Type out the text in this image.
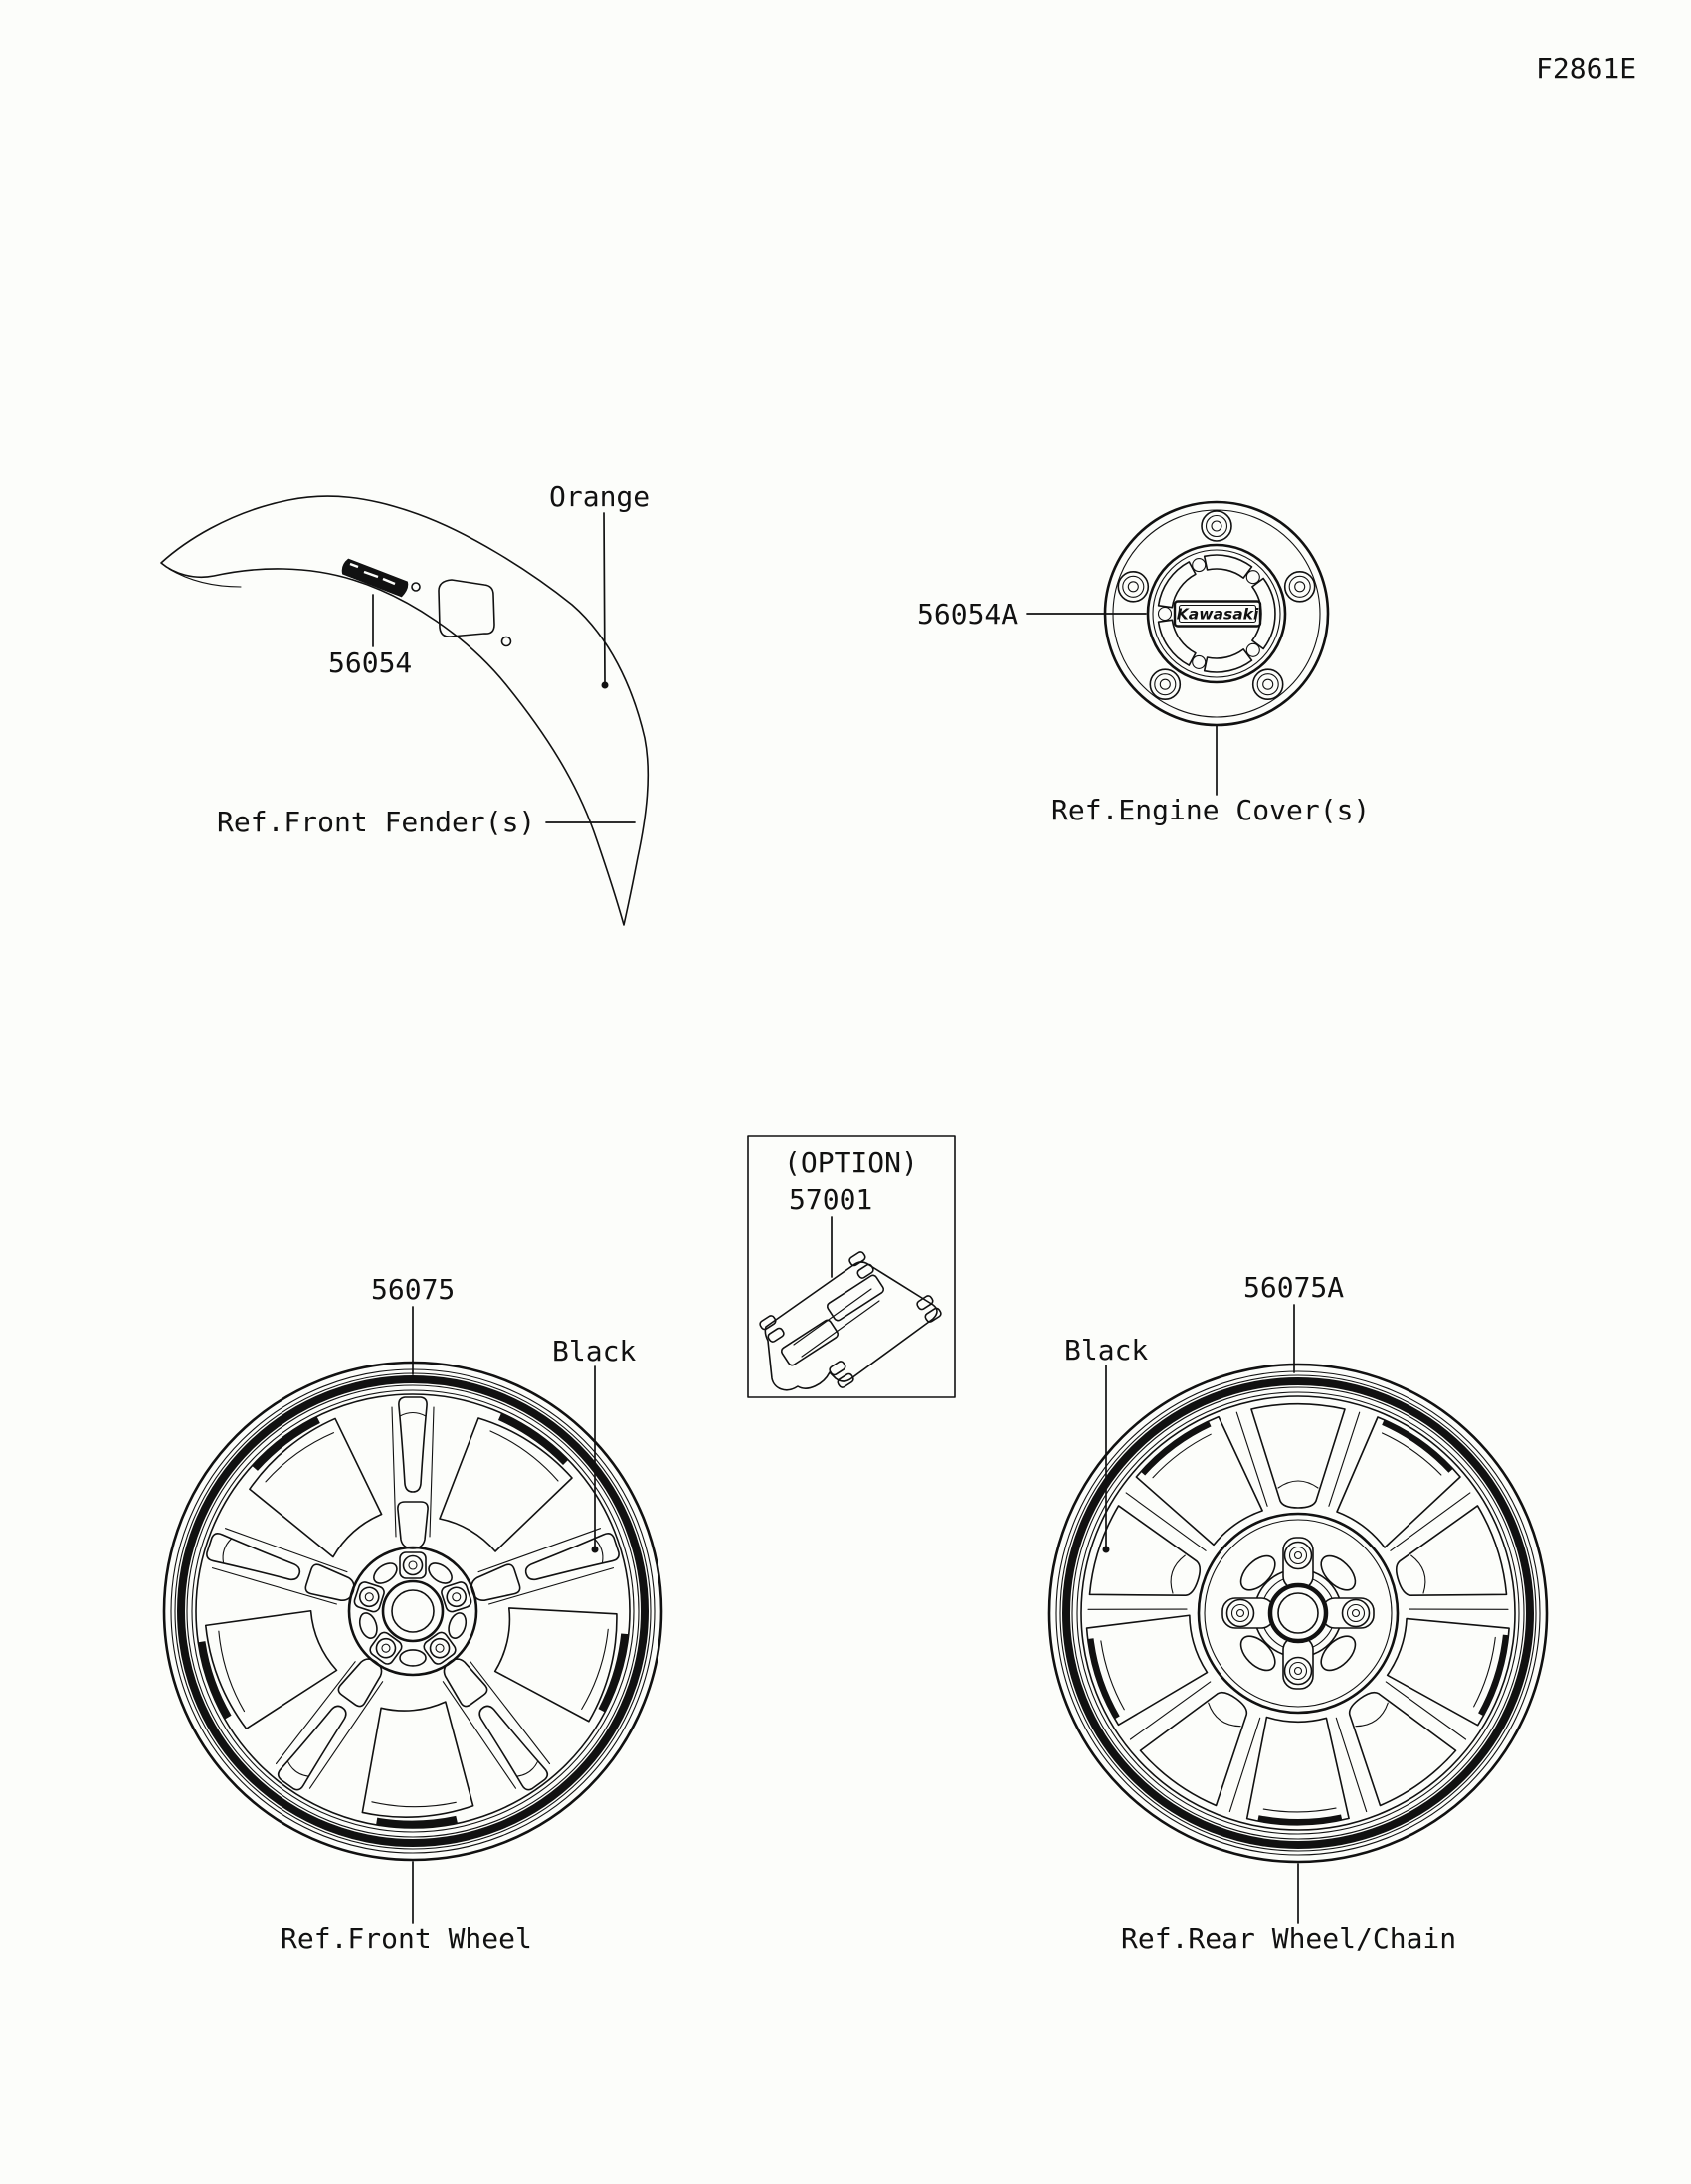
F2861E
Orange
56054
Ref.Front Fender(s)
Kawasaki
56054A
Ref.Engine Cover(s)
(OPTION)
57001
56075
Black
Ref.Front Wheel
56075A
Black
Ref.Rear Wheel/Chain
